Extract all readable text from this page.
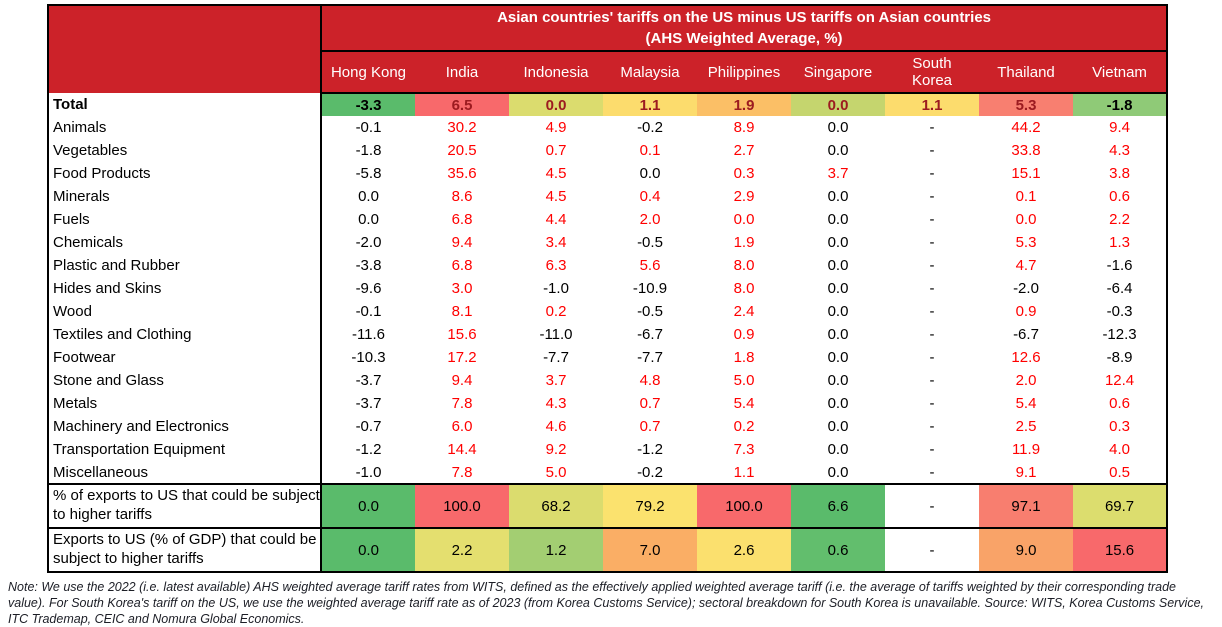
	Asian countries' tariffs on the US minus US tariffs on Asian countries
(AHS Weighted Average, %)								

	Hong Kong	India	Indonesia	Malaysia	Philippines	Singapore	South Korea	Thailand	Vietnam

Total	-3.3	6.5	0.0	1.1	1.9	0.0	1.1	5.3	-1.8
Animals	-0.1	30.2	4.9	-0.2	8.9	0.0	-	44.2	9.4
Vegetables	-1.8	20.5	0.7	0.1	2.7	0.0	-	33.8	4.3
Food Products	-5.8	35.6	4.5	0.0	0.3	3.7	-	15.1	3.8
Minerals	0.0	8.6	4.5	0.4	2.9	0.0	-	0.1	0.6
Fuels	0.0	6.8	4.4	2.0	0.0	0.0	-	0.0	2.2
Chemicals	-2.0	9.4	3.4	-0.5	1.9	0.0	-	5.3	1.3
Plastic and Rubber	-3.8	6.8	6.3	5.6	8.0	0.0	-	4.7	-1.6
Hides and Skins	-9.6	3.0	-1.0	-10.9	8.0	0.0	-	-2.0	-6.4
Wood	-0.1	8.1	0.2	-0.5	2.4	0.0	-	0.9	-0.3
Textiles and Clothing	-11.6	15.6	-11.0	-6.7	0.9	0.0	-	-6.7	-12.3
Footwear	-10.3	17.2	-7.7	-7.7	1.8	0.0	-	12.6	-8.9
Stone and Glass	-3.7	9.4	3.7	4.8	5.0	0.0	-	2.0	12.4
Metals	-3.7	7.8	4.3	0.7	5.4	0.0	-	5.4	0.6
Machinery and Electronics	-0.7	6.0	4.6	0.7	0.2	0.0	-	2.5	0.3
Transportation Equipment	-1.2	14.4	9.2	-1.2	7.3	0.0	-	11.9	4.0
Miscellaneous	-1.0	7.8	5.0	-0.2	1.1	0.0	-	9.1	0.5
% of exports to US that could be subject to higher tariffs	0.0	100.0	68.2	79.2	100.0	6.6	-	97.1	69.7
Exports to US (% of GDP) that could be subject to higher tariffs	0.0	2.2	1.2	7.0	2.6	0.6	-	9.0	15.6

Note: We use the 2022 (i.e. latest available) AHS weighted average tariff rates from WITS, defined as the effectively applied weighted average tariff (i.e. the average of tariffs weighted by their corresponding trade value). For South Korea's tariff on the US, we use the weighted average tariff rate as of 2023 (from Korea Customs Service); sectoral breakdown for South Korea is unavailable. Source: WITS, Korea Customs Service, ITC Trademap, CEIC and Nomura Global Economics.
